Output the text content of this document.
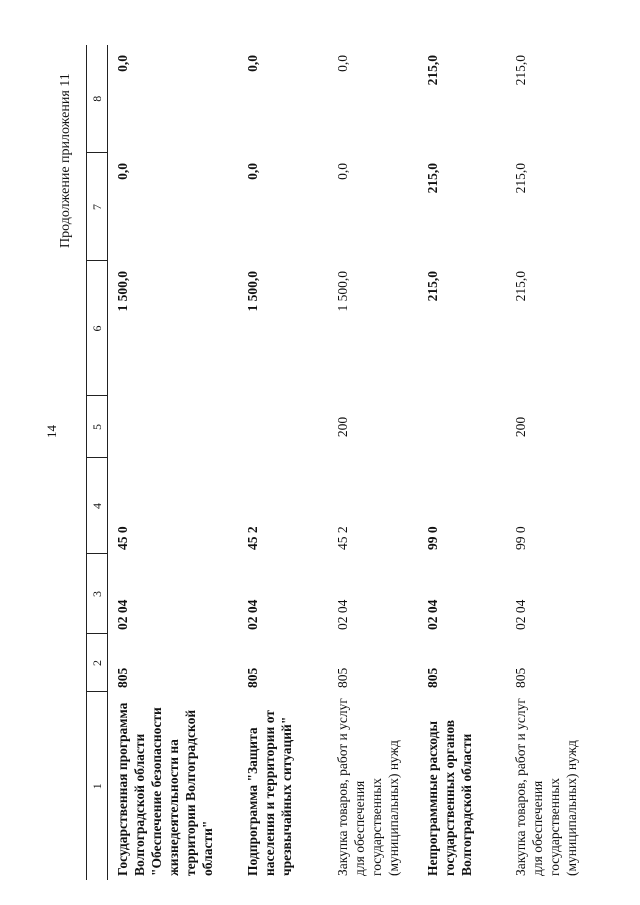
14
Продолжение приложения 11
1	2	3	4	5	6	7	8
Государственная программа Волгоградской области "Обеспечение безопасности жизнедеятельности на территории Волгоградской области"	805	02 04	45 0		1 500,0	0,0	0,0
Подпрограмма "Защита населения и территории от чрезвычайных ситуаций"	805	02 04	45 2		1 500,0	0,0	0,0
Закупка товаров, работ и услуг для обеспечения государственных (муниципальных) нужд	805	02 04	45 2	200	1 500,0	0,0	0,0
Непрограммные расходы государственных органов Волгоградской области	805	02 04	99 0		215,0	215,0	215,0
Закупка товаров, работ и услуг для обеспечения государственных (муниципальных) нужд	805	02 04	99 0	200	215,0	215,0	215,0
